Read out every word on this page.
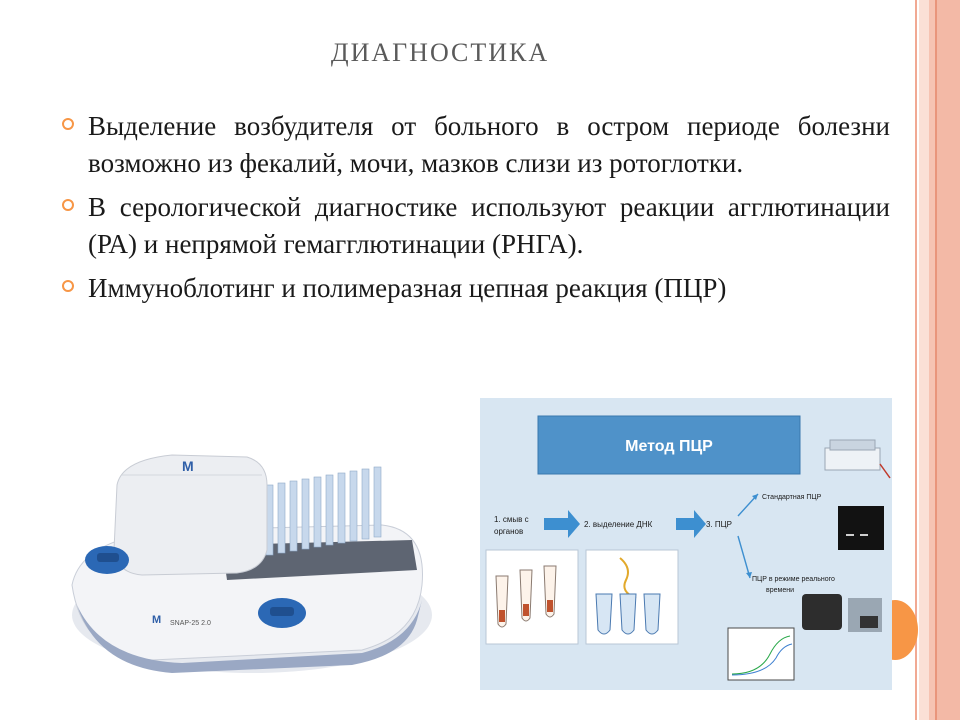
ДИАГНОСТИКА
Выделение возбудителя от больного в остром периоде болезни возможно из фекалий, мочи, мазков слизи из ротоглотки.
В серологической диагностике используют реакции агглютинации (РА) и непрямой гемагглютинации (РНГА).
Иммуноблотинг и полимеразная цепная реакция (ПЦР)
M
M SNAP-25 2.0
Метод ПЦР
1. смыв с
органов
2. выделение ДНК	3. ПЦР
Стандартная ПЦР
ПЦР в режиме реального
времени
